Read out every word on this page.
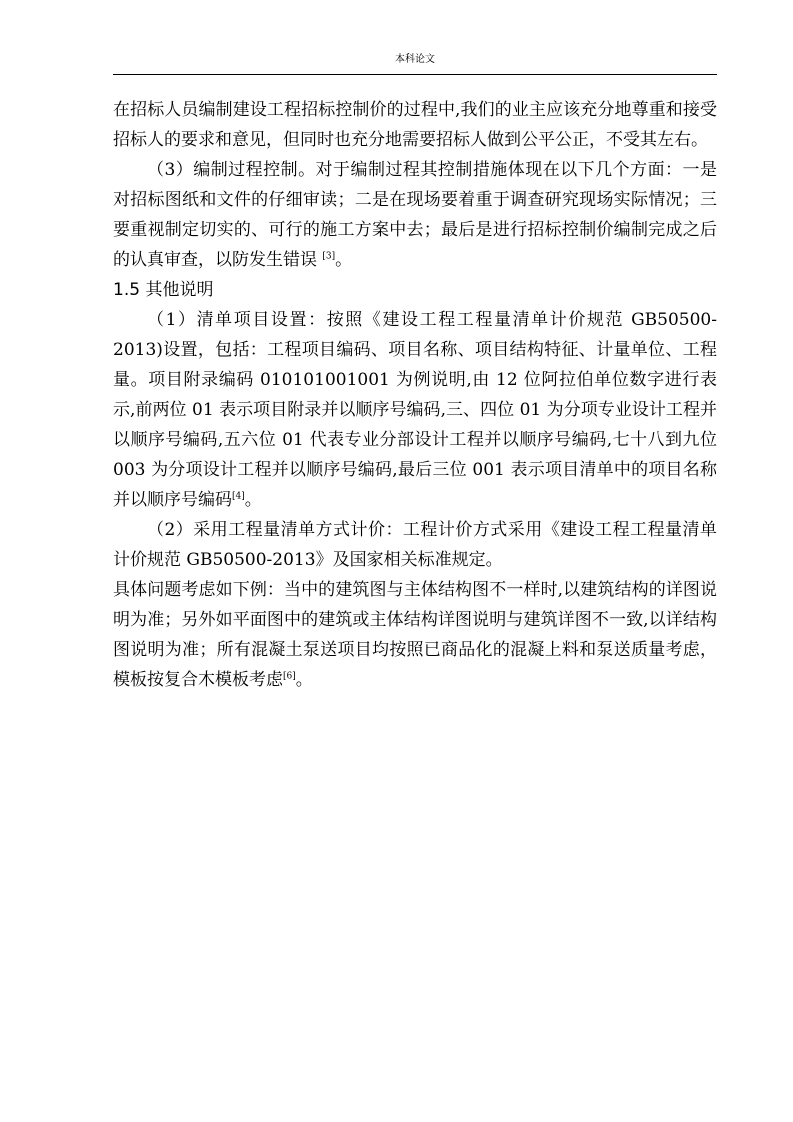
本科论文

在招标人员编制建设工程招标控制价的过程中,我们的业主应该充分地尊重和接受招标人的要求和意见，但同时也充分地需要招标人做到公平公正，不受其左右。

（3）编制过程控制。对于编制过程其控制措施体现在以下几个方面：一是对招标图纸和文件的仔细审读；二是在现场要着重于调查研究现场实际情况；三要重视制定切实的、可行的施工方案中去；最后是进行招标控制价编制完成之后的认真审查，以防发生错误 [3]。

1.5 其他说明

（1）清单项目设置：按照《建设工程工程量清单计价规范 GB50500-2013)设置，包括：工程项目编码、项目名称、项目结构特征、计量单位、工程量。项目附录编码 010101001001 为例说明,由 12 位阿拉伯单位数字进行表示,前两位 01 表示项目附录并以顺序号编码,三、四位 01 为分项专业设计工程并以顺序号编码,五六位 01 代表专业分部设计工程并以顺序号编码,七十八到九位 003 为分项设计工程并以顺序号编码,最后三位 001 表示项目清单中的项目名称并以顺序号编码[4]。

（2）采用工程量清单方式计价：工程计价方式采用《建设工程工程量清单计价规范 GB50500-2013》及国家相关标准规定。

具体问题考虑如下例：当中的建筑图与主体结构图不一样时,以建筑结构的详图说明为准；另外如平面图中的建筑或主体结构详图说明与建筑详图不一致,以详结构图说明为准；所有混凝土泵送项目均按照已商品化的混凝上料和泵送质量考虑，模板按复合木模板考虑[6]。
